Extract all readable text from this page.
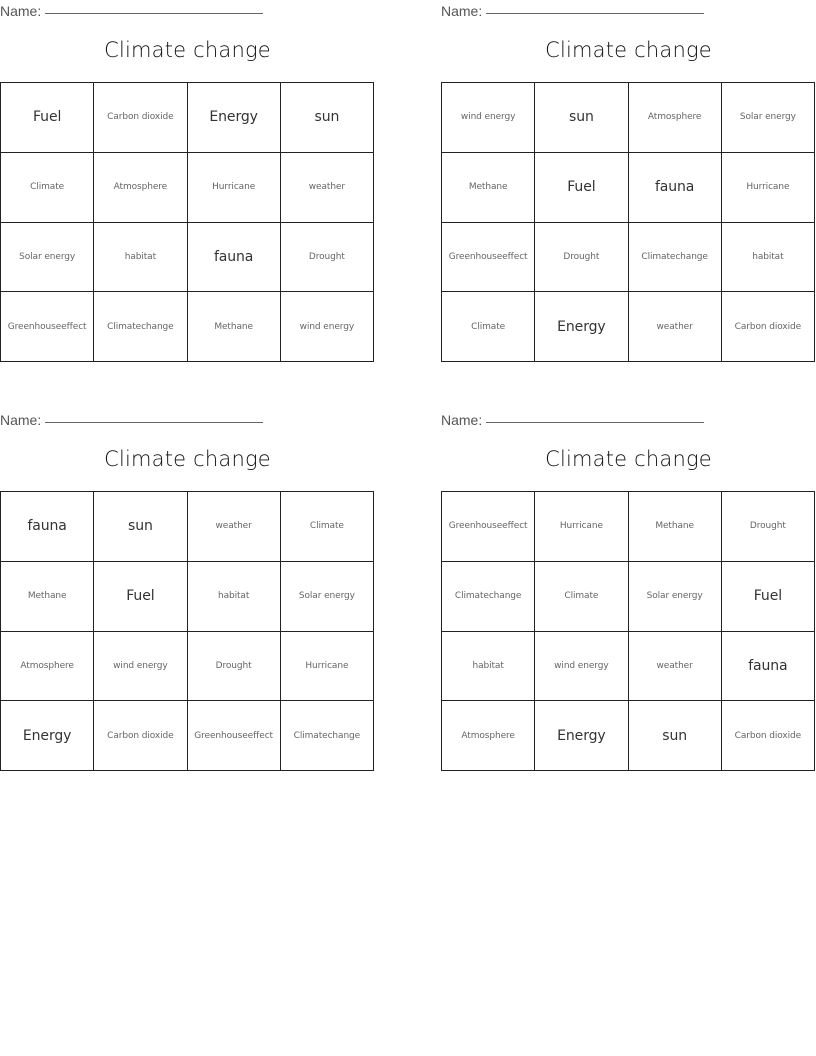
Name:
Climate change
Fuel	Carbon dioxide	Energy	sun
Climate	Atmosphere	Hurricane	weather
Solar energy	habitat	fauna	Drought
Greenhouseeffect	Climatechange	Methane	wind energy
Name:
Climate change
wind energy	sun	Atmosphere	Solar energy
Methane	Fuel	fauna	Hurricane
Greenhouseeffect	Drought	Climatechange	habitat
Climate	Energy	weather	Carbon dioxide
Name:
Climate change
fauna	sun	weather	Climate
Methane	Fuel	habitat	Solar energy
Atmosphere	wind energy	Drought	Hurricane
Energy	Carbon dioxide	Greenhouseeffect	Climatechange
Name:
Climate change
Greenhouseeffect	Hurricane	Methane	Drought
Climatechange	Climate	Solar energy	Fuel
habitat	wind energy	weather	fauna
Atmosphere	Energy	sun	Carbon dioxide
